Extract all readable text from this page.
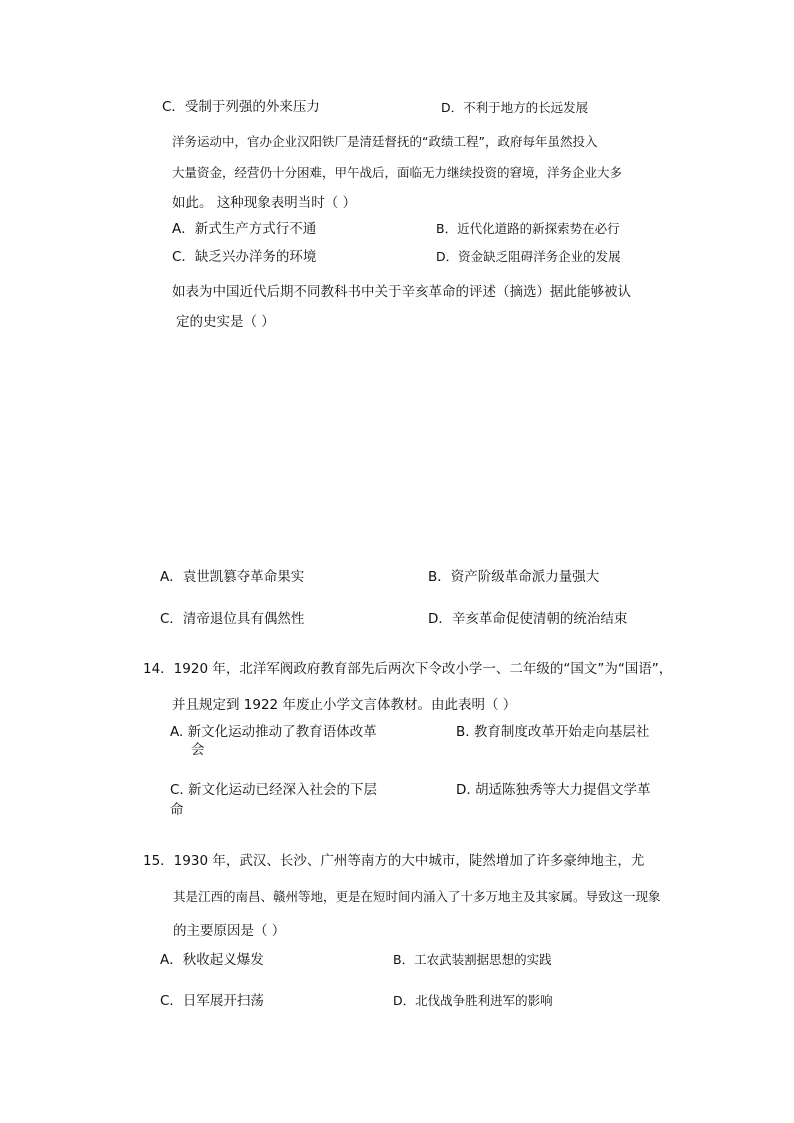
C．受制于列强的外来压力	D．不利于地方的长远发展
洋务运动中，官办企业汉阳铁厂是清廷督抚的“政绩工程”，政府每年虽然投入
大量资金，经营仍十分困难，甲午战后，面临无力继续投资的窘境，洋务企业大多
如此。 这种现象表明当时（ ）
A．新式生产方式行不通	B．近代化道路的新探索势在必行
C．缺乏兴办洋务的环境	D．资金缺乏阻碍洋务企业的发展
如表为中国近代后期不同教科书中关于辛亥革命的评述（摘选）据此能够被认
定的史实是（ ）
A．袁世凯篡夺革命果实	B．资产阶级革命派力量强大
C．清帝退位具有偶然性	D．辛亥革命促使清朝的统治结束
14．1920 年，北洋军阀政府教育部先后两次下令改小学一、二年级的“国文”为“国语”，
并且规定到 1922 年废止小学文言体教材。由此表明（ ）
A. 新文化运动推动了教育语体改革	B. 教育制度改革开始走向基层社
会
C. 新文化运动已经深入社会的下层	D. 胡适陈独秀等大力提倡文学革
命
15．1930 年，武汉、长沙、广州等南方的大中城市，陡然增加了许多豪绅地主，尤
其是江西的南昌、赣州等地，更是在短时间内涌入了十多万地主及其家属。导致这一现象
的主要原因是（ ）
A．秋收起义爆发	B．工农武装割据思想的实践
C．日军展开扫荡	D．北伐战争胜利进军的影响
